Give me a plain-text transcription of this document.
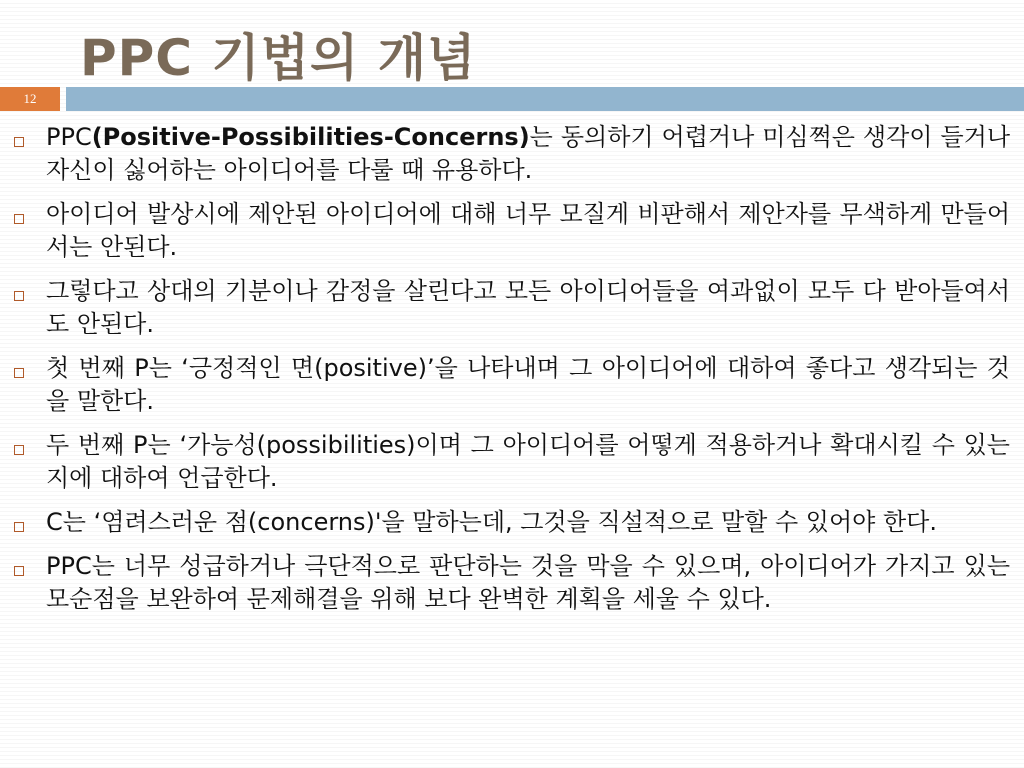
PPC 기법의 개념
12
PPC(Positive-Possibilities-Concerns)는 동의하기 어렵거나 미심쩍은 생각이 들거나 자신이 싫어하는 아이디어를 다룰 때 유용하다.
아이디어 발상시에 제안된 아이디어에 대해 너무 모질게 비판해서 제안자를 무색하게 만들어서는 안된다.
그렇다고 상대의 기분이나 감정을 살린다고 모든 아이디어들을 여과없이 모두 다 받아들여서도 안된다.
첫 번째 P는 ‘긍정적인 면(positive)’을 나타내며 그 아이디어에 대하여 좋다고 생각되는 것을 말한다.
두 번째 P는 ‘가능성(possibilities)이며 그 아이디어를 어떻게 적용하거나 확대시킬 수 있는지에 대하여 언급한다.
C는 ‘염려스러운 점(concerns)'을 말하는데, 그것을 직설적으로 말할 수 있어야 한다.
PPC는 너무 성급하거나 극단적으로 판단하는 것을 막을 수 있으며, 아이디어가 가지고 있는 모순점을 보완하여 문제해결을 위해 보다 완벽한 계획을 세울 수 있다.
